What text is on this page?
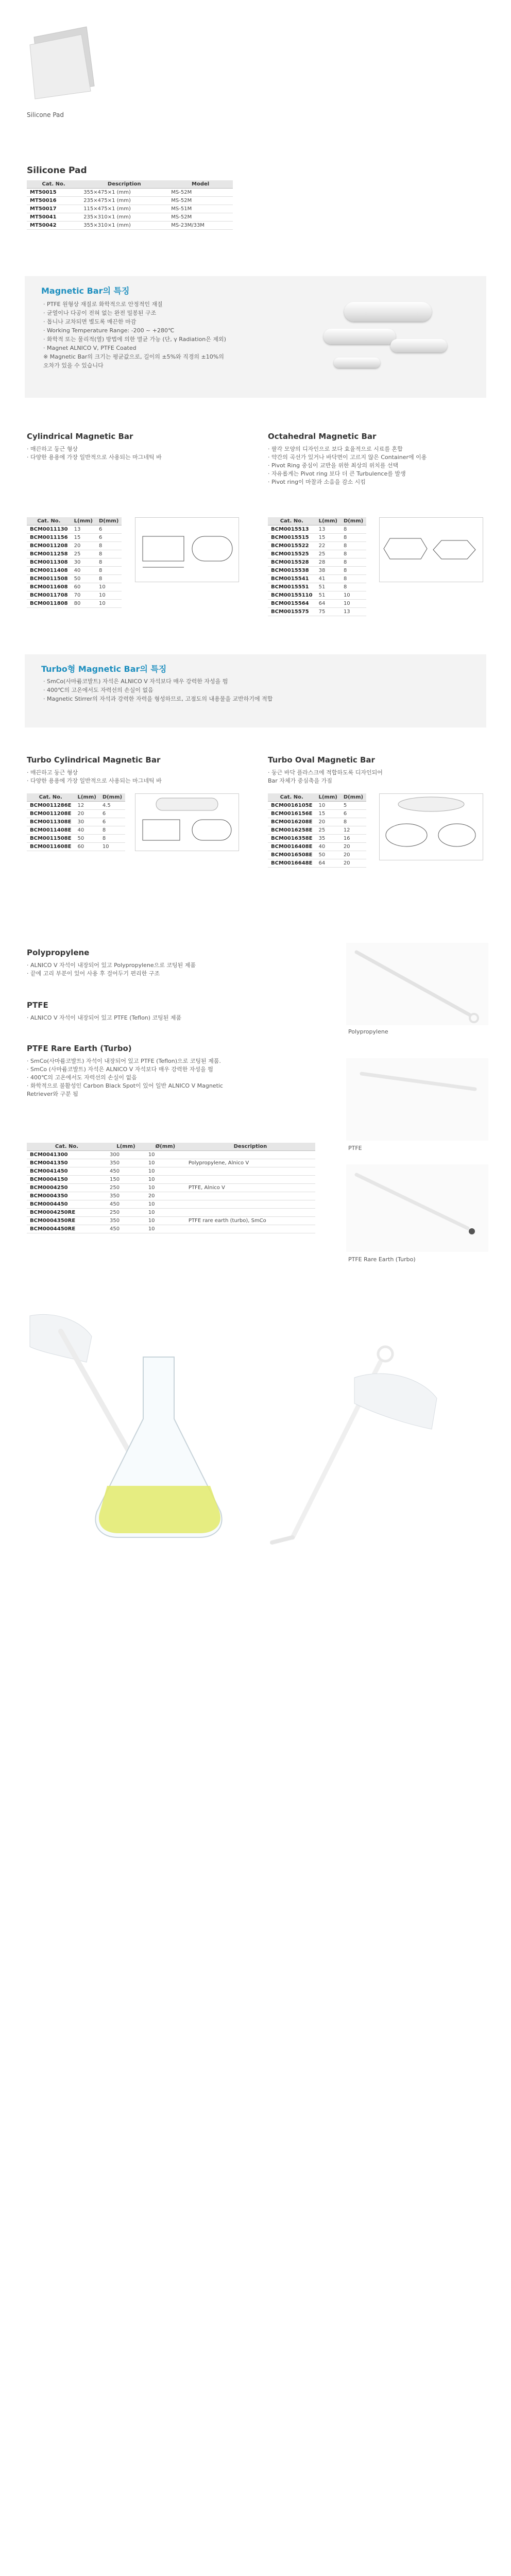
Silicone Pad
Silicone Pad
Cat. No.	Description	Model
MT50015	355×475×1 (mm)	MS-52M
MT50016	235×475×1 (mm)	MS-52M
MT50017	115×475×1 (mm)	MS-51M
MT50041	235×310×1 (mm)	MS-52M
MT50042	355×310×1 (mm)	MS-23M/33M
Magnetic Bar의 특징
· PTFE 원형상 재질로 화학적으로 안정적인 재질
· 균열이나 다공이 전혀 없는 완전 밀봉된 구조
· 톱니나 교차되면 별도록 매끈한 마감
· Working Temperature Range: -200 ~ +280℃
· 화학적 또는 물리적(열) 방법에 의한 멸균 가능 (단, γ Radiation은 제외)
· Magnet ALNICO V, PTFE Coated
※ Magnetic Bar의 크기는 평균값으로, 길이의 ±5%와 직경의 ±10%의
오차가 있을 수 있습니다
Cylindrical Magnetic Bar
· 매끈하고 둥근 형상
· 다양한 용용에 가장 일반적으로 사용되는 마그네틱 바
Cat. No.	L(mm)	D(mm)
BCM0011130	13	6
BCM0011156	15	6
BCM0011208	20	8
BCM0011258	25	8
BCM0011308	30	8
BCM0011408	40	8
BCM0011508	50	8
BCM0011608	60	10
BCM0011708	70	10
BCM0011808	80	10
Octahedral Magnetic Bar
· 팔각 모양의 디자인으로 보다 효율적으로 시료를 혼합
· 약간의 곡선가 있거나 바닥면이 고르지 않은 Container에 이용
· Pivot Ring 중심이 교반을 위한 최상의 위치를 선택
· 자유롭게는 Pivot ring 보다 더 큰 Turbulence를 발생
· Pivot ring이 마찰과 소음을 감소 시킴
Cat. No.	L(mm)	D(mm)
BCM0015513	13	8
BCM0015515	15	8
BCM0015522	22	8
BCM0015525	25	8
BCM0015528	28	8
BCM0015538	38	8
BCM0015541	41	8
BCM0015551	51	8
BCM00155110	51	10
BCM0015564	64	10
BCM0015575	75	13
Turbo형 Magnetic Bar의 특징
· SmCo(사마륨코발트) 자석은 ALNICO V 자석보다 매우 강력한 자성을 띔
· 400℃의 고온에서도 자력선의 손실이 없음
· Magnetic Stirrer의 자석과 강력한 자력을 형성하므로, 고점도의 내용물을 교반하기에 적합
Turbo Cylindrical Magnetic Bar
· 매끈하고 둥근 형상
· 다양한 용용에 가장 일반적으로 사용되는 마그네틱 바
Cat. No.	L(mm)	D(mm)
BCM0011286E	12	4.5
BCM0011208E	20	6
BCM0011308E	30	6
BCM0011408E	40	8
BCM0011508E	50	8
BCM0011608E	60	10
Turbo Oval Magnetic Bar
· 둥근 바닥 플라스크에 적합하도록 디자인되어
Bar 자체가 중심축을 가짐
Cat. No.	L(mm)	D(mm)
BCM0016105E	10	5
BCM0016156E	15	6
BCM0016208E	20	8
BCM0016258E	25	12
BCM0016358E	35	16
BCM0016408E	40	20
BCM0016508E	50	20
BCM0016648E	64	20
Polypropylene
· ALNICO V 자석이 내장되어 있고 Polypropylene으로 코팅된 제품
· 끝에 고리 부분이 있어 사용 후 걸어두기 편리한 구조
PTFE
· ALNICO V 자석이 내장되어 있고 PTFE (Teflon) 코팅된 제품
PTFE Rare Earth (Turbo)
· SmCo(사마륨코발트) 자석이 내장되어 있고 PTFE (Teflon)으로 코팅된 제품.
· SmCo (사마륨코발트) 자석은 ALNICO V 자석보다 매우 강력한 자성을 띔
· 400℃의 고온에서도 자력선의 손실이 없음
· 화학적으로 불활성인 Carbon Black Spot이 있어 일반 ALNICO V Magnetic
Retriever와 구분 됨
Cat. No.	L(mm)	Ø(mm)	Description
BCM0041300	300	10	
BCM0041350	350	10	Polypropylene, Alnico V
BCM0041450	450	10	
BCM0004150	150	10	
BCM0004250	250	10	PTFE, Alnico V
BCM0004350	350	20	
BCM0004450	450	10	
BCM0004250RE	250	10	
BCM0004350RE	350	10	PTFE rare earth (turbo), SmCo
BCM0004450RE	450	10	
Polypropylene
PTFE
PTFE Rare Earth (Turbo)
